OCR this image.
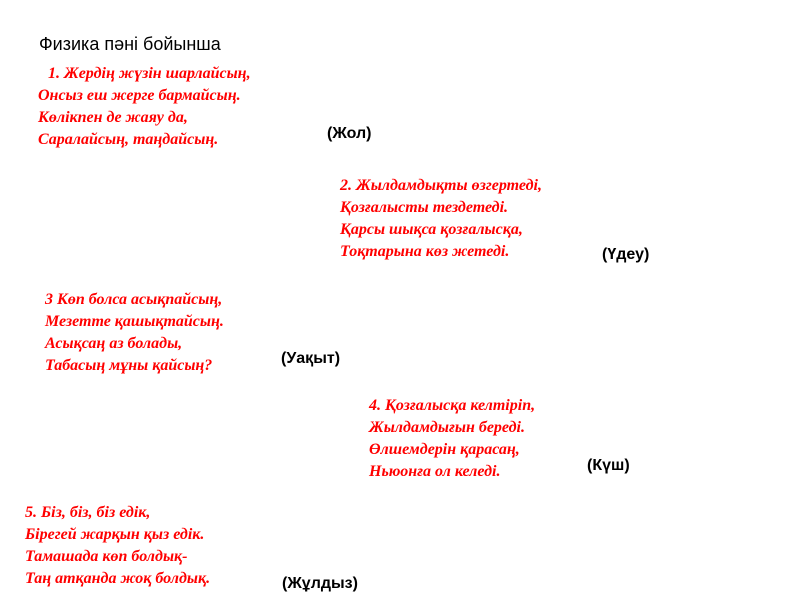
Физика пәні бойынша
1. Жердің жүзін шарлайсың,
Онсыз еш жерге бармайсың.
Көлікпен де жаяу да,
Саралайсың, таңдайсың.	(Жол)
2. Жылдамдықты өзгертеді,
Қозғалысты тездетеді.
Қарсы шықса қозғалысқа,
Тоқтарына көз жетеді.	(Үдеу)
3 Көп болса асықпайсың,
Мезетте қашықтайсың.
Асықсаң аз болады,
Табасың мұны қайсың?	(Уақыт)
4. Қозғалысқа келтіріп,
Жылдамдығын береді.
Өлшемдерін қарасаң,
Ньюонға ол келеді.	(Күш)
5. Біз, біз, біз едік,
Бірегей жарқын қыз едік.
Тамашада көп болдық-
Таң атқанда жоқ болдық.	(Жұлдыз)
